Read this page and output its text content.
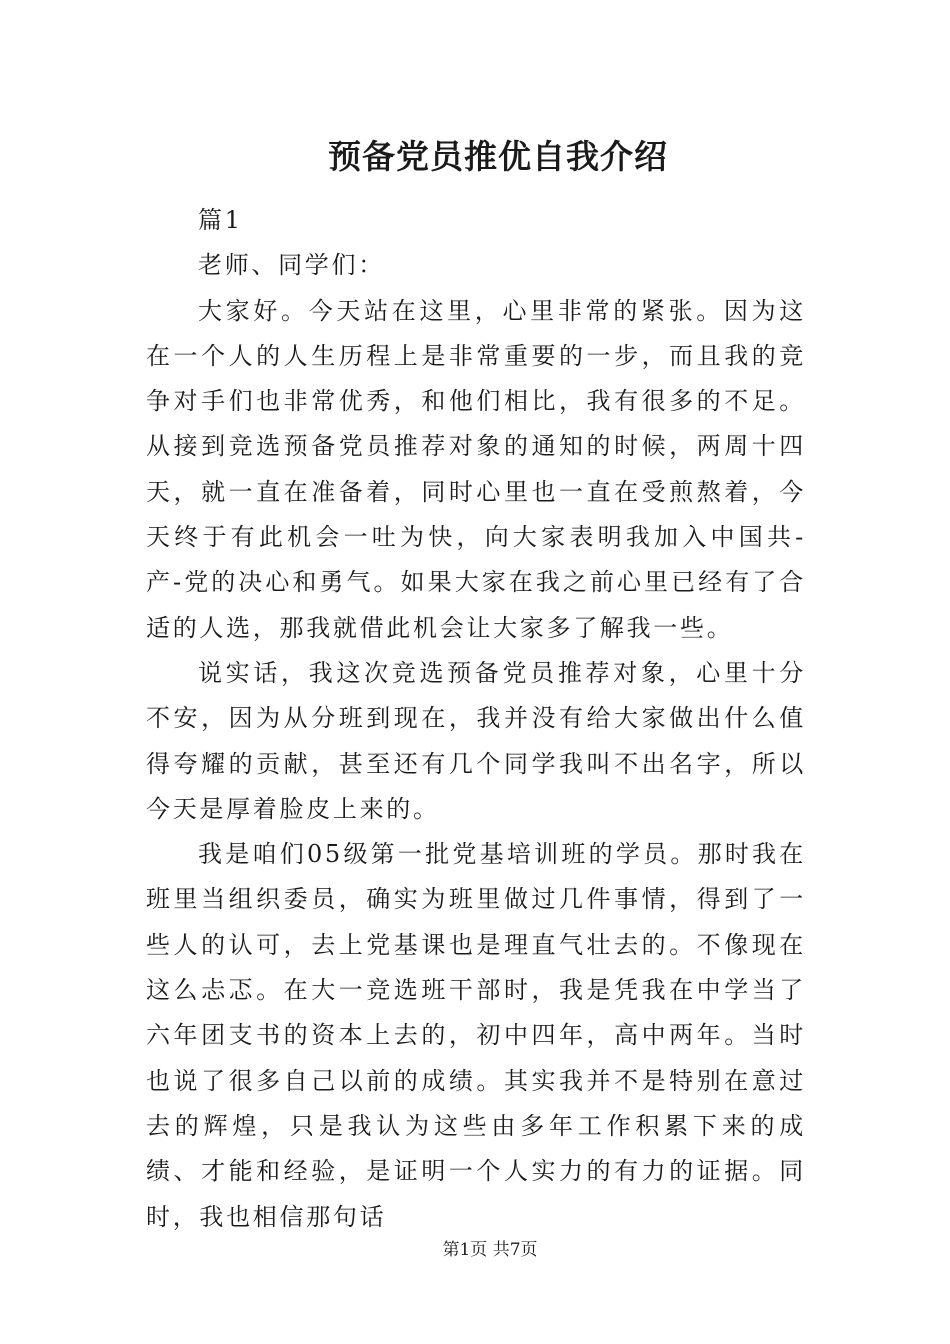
预备党员推优自我介绍

篇1

老师、同学们：

大家好。今天站在这里，心里非常的紧张。因为这在一个人的人生历程上是非常重要的一步，而且我的竞争对手们也非常优秀，和他们相比，我有很多的不足。从接到竞选预备党员推荐对象的通知的时候，两周十四天，就一直在准备着，同时心里也一直在受煎熬着，今天终于有此机会一吐为快，向大家表明我加入中国共-产-党的决心和勇气。如果大家在我之前心里已经有了合适的人选，那我就借此机会让大家多了解我一些。

说实话，我这次竞选预备党员推荐对象，心里十分不安，因为从分班到现在，我并没有给大家做出什么值得夸耀的贡献，甚至还有几个同学我叫不出名字，所以今天是厚着脸皮上来的。

我是咱们05级第一批党基培训班的学员。那时我在班里当组织委员，确实为班里做过几件事情，得到了一些人的认可，去上党基课也是理直气壮去的。不像现在这么忐忑。在大一竞选班干部时，我是凭我在中学当了六年团支书的资本上去的，初中四年，高中两年。当时也说了很多自己以前的成绩。其实我并不是特别在意过去的辉煌，只是我认为这些由多年工作积累下来的成绩、才能和经验，是证明一个人实力的有力的证据。同时，我也相信那句话

第1页 共7页
